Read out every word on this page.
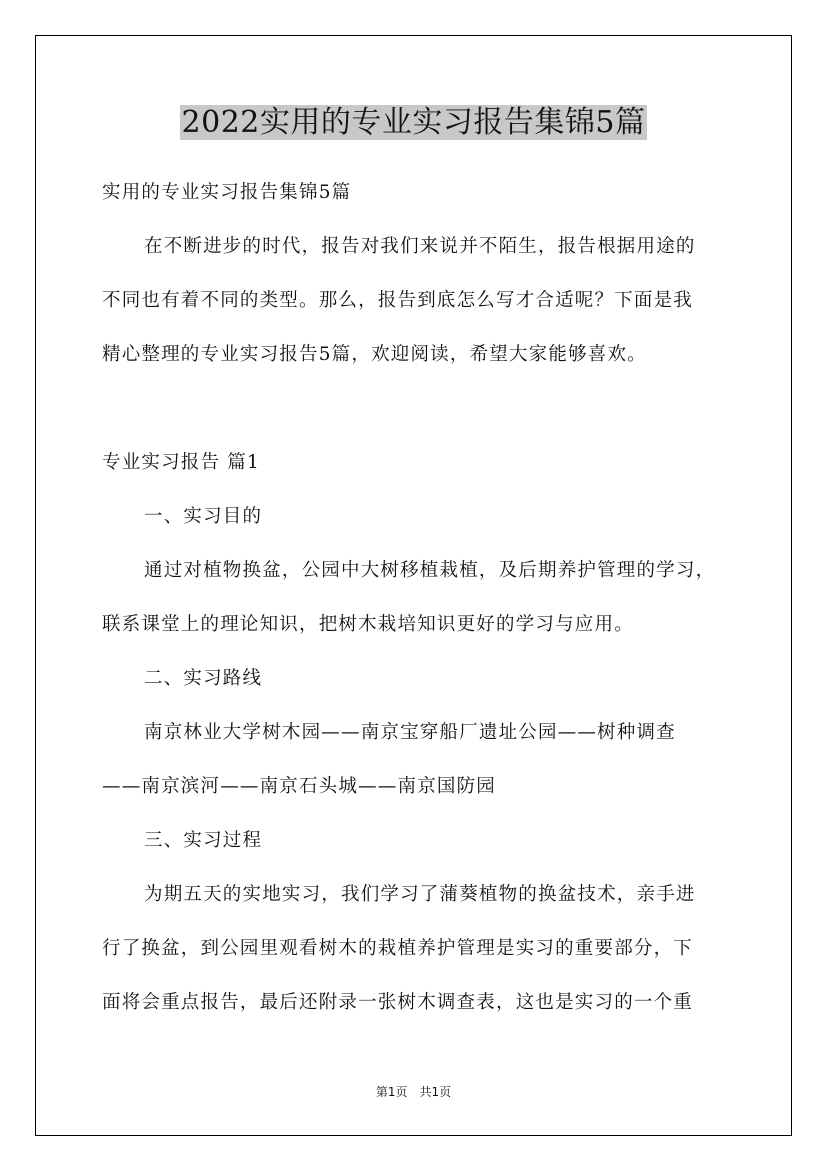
2022实用的专业实习报告集锦5篇
实用的专业实习报告集锦5篇
在不断进步的时代，报告对我们来说并不陌生，报告根据用途的
不同也有着不同的类型。那么，报告到底怎么写才合适呢？下面是我
精心整理的专业实习报告5篇，欢迎阅读，希望大家能够喜欢。
专业实习报告 篇1
一、实习目的
通过对植物换盆，公园中大树移植栽植，及后期养护管理的学习，
联系课堂上的理论知识，把树木栽培知识更好的学习与应用。
二、实习路线
南京林业大学树木园——南京宝穿船厂遗址公园——树种调查
——南京滨河——南京石头城——南京国防园
三、实习过程
为期五天的实地实习，我们学习了蒲葵植物的换盆技术，亲手进
行了换盆，到公园里观看树木的栽植养护管理是实习的重要部分，下
面将会重点报告，最后还附录一张树木调查表，这也是实习的一个重
第1页 共1页
